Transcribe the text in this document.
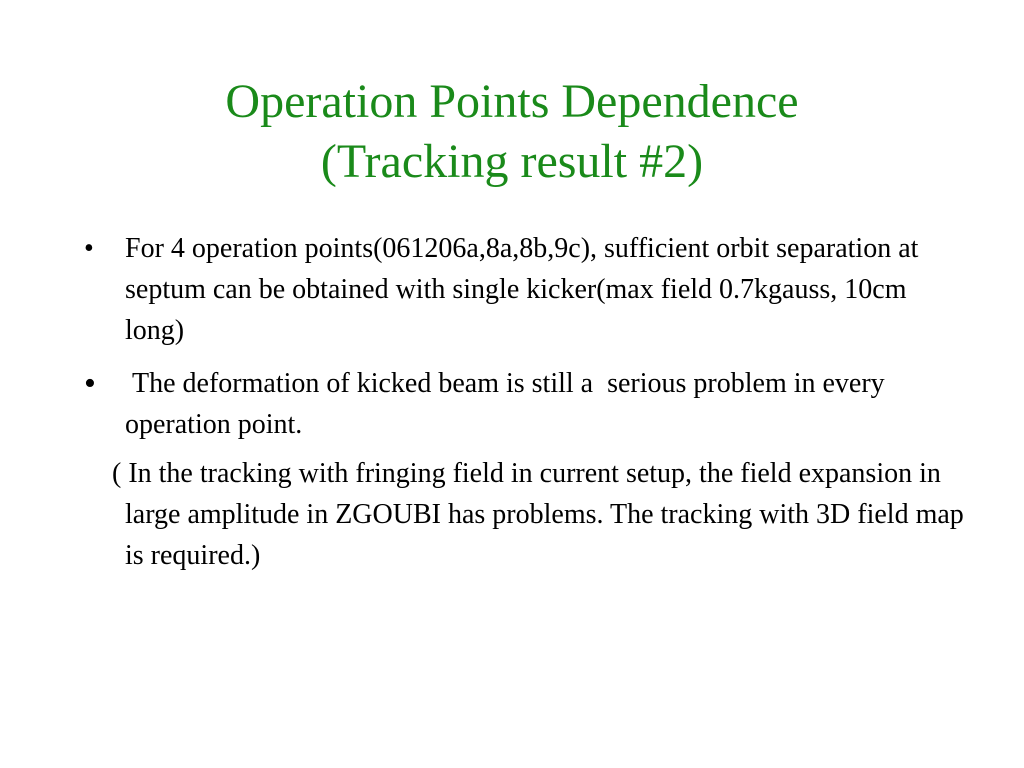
Operation Points Dependence
(Tracking result #2)
•	For 4 operation points(061206a,8a,8b,9c), sufficient orbit separation at septum can be obtained with single kicker(max field 0.7kgauss, 10cm long)
•	The deformation of kicked beam is still a  serious problem in every operation point.
( In the tracking with fringing field in current setup, the field expansion in large amplitude in ZGOUBI has problems. The tracking with 3D field map is required.)
